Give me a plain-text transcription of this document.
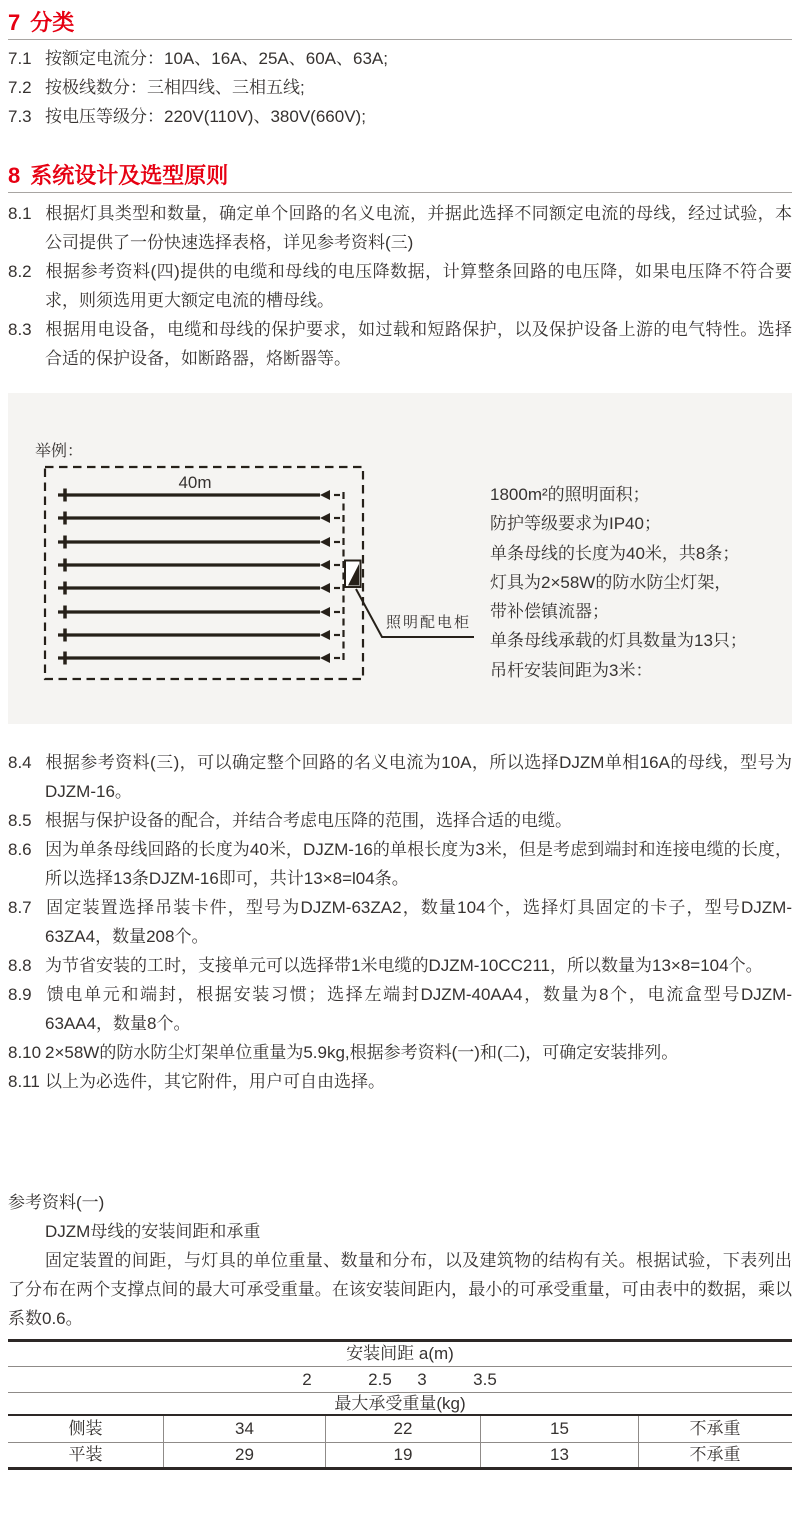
7 分类

7.1 按额定电流分：10A、16A、25A、60A、63A;

7.2 按极线数分：三相四线、三相五线;

7.3 按电压等级分：220V(110V)、380V(660V);

8 系统设计及选型原则

8.1 根据灯具类型和数量，确定单个回路的名义电流，并据此选择不同额定电流的母线，经过试验，本公司提供了一份快速选择表格，详见参考资料(三)

8.2 根据参考资料(四)提供的电缆和母线的电压降数据，计算整条回路的电压降，如果电压降不符合要求，则须选用更大额定电流的槽母线。

8.3 根据用电设备，电缆和母线的保护要求，如过载和短路保护，以及保护设备上游的电气特性。选择合适的保护设备，如断路器，烙断器等。

举例：
40m
照明配电柜
1800m²的照明面积；
防护等级要求为IP40；
单条母线的长度为40米，共8条；
灯具为2×58W的防水防尘灯架，
带补偿镇流器；
单条母线承载的灯具数量为13只；
吊杆安装间距为3米：

8.4 根据参考资料(三)，可以确定整个回路的名义电流为10A，所以选择DJZM单相16A的母线，型号为DJZM-16。

8.5 根据与保护设备的配合，并结合考虑电压降的范围，选择合适的电缆。

8.6 因为单条母线回路的长度为40米，DJZM-16的单根长度为3米，但是考虑到端封和连接电缆的长度，所以选择13条DJZM-16即可，共计13×8=l04条。

8.7 固定装置选择吊装卡件，型号为DJZM-63ZA2，数量104个，选择灯具固定的卡子，型号DJZM-63ZA4，数量208个。

8.8 为节省安装的工时，支接单元可以选择带1米电缆的DJZM-10CC211，所以数量为13×8=104个。

8.9 馈电单元和端封，根据安装习惯；选择左端封DJZM-40AA4，数量为8个，电流盒型号DJZM-63AA4，数量8个。

8.10 2×58W的防水防尘灯架单位重量为5.9kg,根据参考资料(一)和(二)，可确定安装排列。

8.11 以上为必选件，其它附件，用户可自由选择。

参考资料(一)
DJZM母线的安装间距和承重

固定装置的间距，与灯具的单位重量、数量和分布，以及建筑物的结构有关。根据试验，下表列出了分布在两个支撑点间的最大可承受重量。在该安装间距内，最小的可承受重量，可由表中的数据，乘以系数0.6。

安装间距 a(m)
2	2.5 3	3.5
最大承受重量(kg)
侧装	34	22	15	不承重
平装	29	19	13	不承重
